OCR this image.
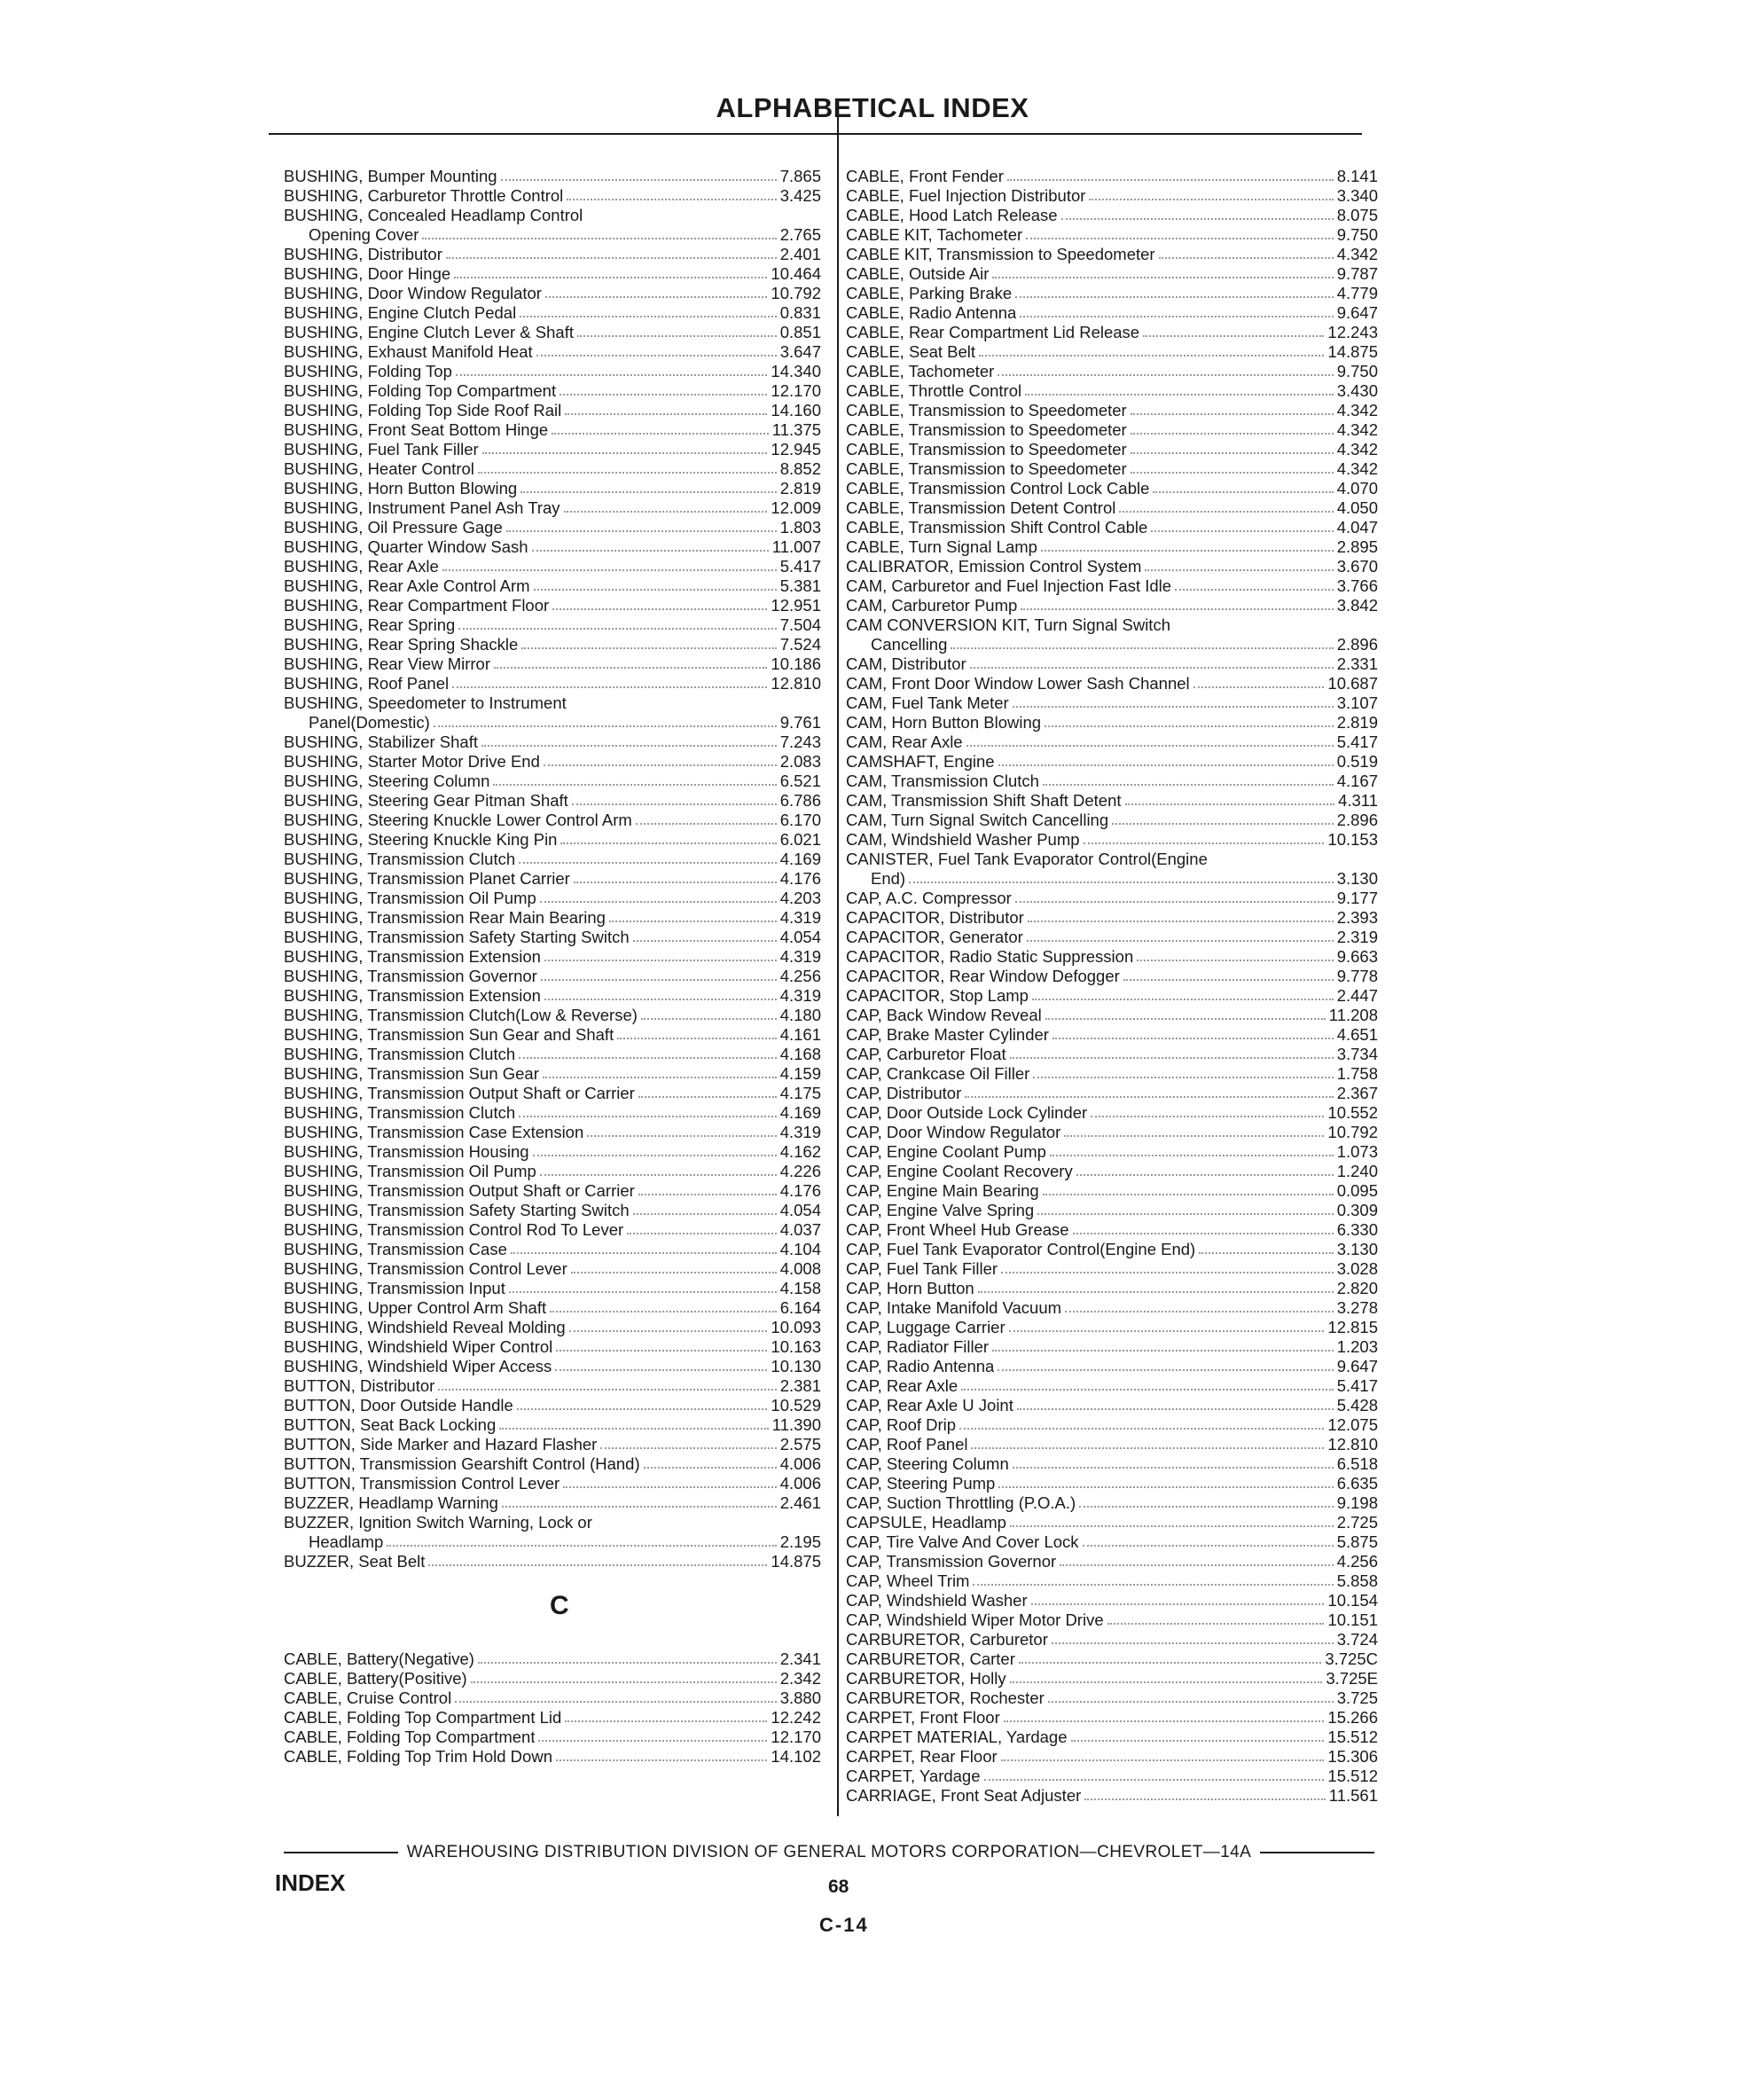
ALPHABETICAL INDEX
BUSHING, Bumper Mounting	7.865
BUSHING, Carburetor Throttle Control	3.425
BUSHING, Concealed Headlamp Control
Opening Cover	2.765
BUSHING, Distributor	2.401
BUSHING, Door Hinge	10.464
BUSHING, Door Window Regulator	10.792
BUSHING, Engine Clutch Pedal	0.831
BUSHING, Engine Clutch Lever & Shaft	0.851
BUSHING, Exhaust Manifold Heat	3.647
BUSHING, Folding Top	14.340
BUSHING, Folding Top Compartment	12.170
BUSHING, Folding Top Side Roof Rail	14.160
BUSHING, Front Seat Bottom Hinge	11.375
BUSHING, Fuel Tank Filler	12.945
BUSHING, Heater Control	8.852
BUSHING, Horn Button Blowing	2.819
BUSHING, Instrument Panel Ash Tray	12.009
BUSHING, Oil Pressure Gage	1.803
BUSHING, Quarter Window Sash	11.007
BUSHING, Rear Axle	5.417
BUSHING, Rear Axle Control Arm	5.381
BUSHING, Rear Compartment Floor	12.951
BUSHING, Rear Spring	7.504
BUSHING, Rear Spring Shackle	7.524
BUSHING, Rear View Mirror	10.186
BUSHING, Roof Panel	12.810
BUSHING, Speedometer to Instrument
Panel(Domestic)	9.761
BUSHING, Stabilizer Shaft	7.243
BUSHING, Starter Motor Drive End	2.083
BUSHING, Steering Column	6.521
BUSHING, Steering Gear Pitman Shaft	6.786
BUSHING, Steering Knuckle Lower Control Arm	6.170
BUSHING, Steering Knuckle King Pin	6.021
BUSHING, Transmission Clutch	4.169
BUSHING, Transmission Planet Carrier	4.176
BUSHING, Transmission Oil Pump	4.203
BUSHING, Transmission Rear Main Bearing	4.319
BUSHING, Transmission Safety Starting Switch	4.054
BUSHING, Transmission Extension	4.319
BUSHING, Transmission Governor	4.256
BUSHING, Transmission Extension	4.319
BUSHING, Transmission Clutch(Low & Reverse)	4.180
BUSHING, Transmission Sun Gear and Shaft	4.161
BUSHING, Transmission Clutch	4.168
BUSHING, Transmission Sun Gear	4.159
BUSHING, Transmission Output Shaft or Carrier	4.175
BUSHING, Transmission Clutch	4.169
BUSHING, Transmission Case Extension	4.319
BUSHING, Transmission Housing	4.162
BUSHING, Transmission Oil Pump	4.226
BUSHING, Transmission Output Shaft or Carrier	4.176
BUSHING, Transmission Safety Starting Switch	4.054
BUSHING, Transmission Control Rod To Lever	4.037
BUSHING, Transmission Case	4.104
BUSHING, Transmission Control Lever	4.008
BUSHING, Transmission Input	4.158
BUSHING, Upper Control Arm Shaft	6.164
BUSHING, Windshield Reveal Molding	10.093
BUSHING, Windshield Wiper Control	10.163
BUSHING, Windshield Wiper Access	10.130
BUTTON, Distributor	2.381
BUTTON, Door Outside Handle	10.529
BUTTON, Seat Back Locking	11.390
BUTTON, Side Marker and Hazard Flasher	2.575
BUTTON, Transmission Gearshift Control (Hand)	4.006
BUTTON, Transmission Control Lever	4.006
BUZZER, Headlamp Warning	2.461
BUZZER, Ignition Switch Warning, Lock or
Headlamp	2.195
BUZZER, Seat Belt	14.875
C
CABLE, Battery(Negative)	2.341
CABLE, Battery(Positive)	2.342
CABLE, Cruise Control	3.880
CABLE, Folding Top Compartment Lid	12.242
CABLE, Folding Top Compartment	12.170
CABLE, Folding Top Trim Hold Down	14.102
CABLE, Front Fender	8.141
CABLE, Fuel Injection Distributor	3.340
CABLE, Hood Latch Release	8.075
CABLE KIT, Tachometer	9.750
CABLE KIT, Transmission to Speedometer	4.342
CABLE, Outside Air	9.787
CABLE, Parking Brake	4.779
CABLE, Radio Antenna	9.647
CABLE, Rear Compartment Lid Release	12.243
CABLE, Seat Belt	14.875
CABLE, Tachometer	9.750
CABLE, Throttle Control	3.430
CABLE, Transmission to Speedometer	4.342
CABLE, Transmission to Speedometer	4.342
CABLE, Transmission to Speedometer	4.342
CABLE, Transmission to Speedometer	4.342
CABLE, Transmission Control Lock Cable	4.070
CABLE, Transmission Detent Control	4.050
CABLE, Transmission Shift Control Cable	4.047
CABLE, Turn Signal Lamp	2.895
CALIBRATOR, Emission Control System	3.670
CAM, Carburetor and Fuel Injection Fast Idle	3.766
CAM, Carburetor Pump	3.842
CAM CONVERSION KIT, Turn Signal Switch
Cancelling	2.896
CAM, Distributor	2.331
CAM, Front Door Window Lower Sash Channel	10.687
CAM, Fuel Tank Meter	3.107
CAM, Horn Button Blowing	2.819
CAM, Rear Axle	5.417
CAMSHAFT, Engine	0.519
CAM, Transmission Clutch	4.167
CAM, Transmission Shift Shaft Detent	4.311
CAM, Turn Signal Switch Cancelling	2.896
CAM, Windshield Washer Pump	10.153
CANISTER, Fuel Tank Evaporator Control(Engine
End)	3.130
CAP, A.C. Compressor	9.177
CAPACITOR, Distributor	2.393
CAPACITOR, Generator	2.319
CAPACITOR, Radio Static Suppression	9.663
CAPACITOR, Rear Window Defogger	9.778
CAPACITOR, Stop Lamp	2.447
CAP, Back Window Reveal	11.208
CAP, Brake Master Cylinder	4.651
CAP, Carburetor Float	3.734
CAP, Crankcase Oil Filler	1.758
CAP, Distributor	2.367
CAP, Door Outside Lock Cylinder	10.552
CAP, Door Window Regulator	10.792
CAP, Engine Coolant Pump	1.073
CAP, Engine Coolant Recovery	1.240
CAP, Engine Main Bearing	0.095
CAP, Engine Valve Spring	0.309
CAP, Front Wheel Hub Grease	6.330
CAP, Fuel Tank Evaporator Control(Engine End)	3.130
CAP, Fuel Tank Filler	3.028
CAP, Horn Button	2.820
CAP, Intake Manifold Vacuum	3.278
CAP, Luggage Carrier	12.815
CAP, Radiator Filler	1.203
CAP, Radio Antenna	9.647
CAP, Rear Axle	5.417
CAP, Rear Axle U Joint	5.428
CAP, Roof Drip	12.075
CAP, Roof Panel	12.810
CAP, Steering Column	6.518
CAP, Steering Pump	6.635
CAP, Suction Throttling (P.O.A.)	9.198
CAPSULE, Headlamp	2.725
CAP, Tire Valve And Cover Lock	5.875
CAP, Transmission Governor	4.256
CAP, Wheel Trim	5.858
CAP, Windshield Washer	10.154
CAP, Windshield Wiper Motor Drive	10.151
CARBURETOR, Carburetor	3.724
CARBURETOR, Carter	3.725C
CARBURETOR, Holly	3.725E
CARBURETOR, Rochester	3.725
CARPET, Front Floor	15.266
CARPET MATERIAL, Yardage	15.512
CARPET, Rear Floor	15.306
CARPET, Yardage	15.512
CARRIAGE, Front Seat Adjuster	11.561
WAREHOUSING DISTRIBUTION DIVISION OF GENERAL MOTORS CORPORATION—CHEVROLET—14A
INDEX	68
C-14
